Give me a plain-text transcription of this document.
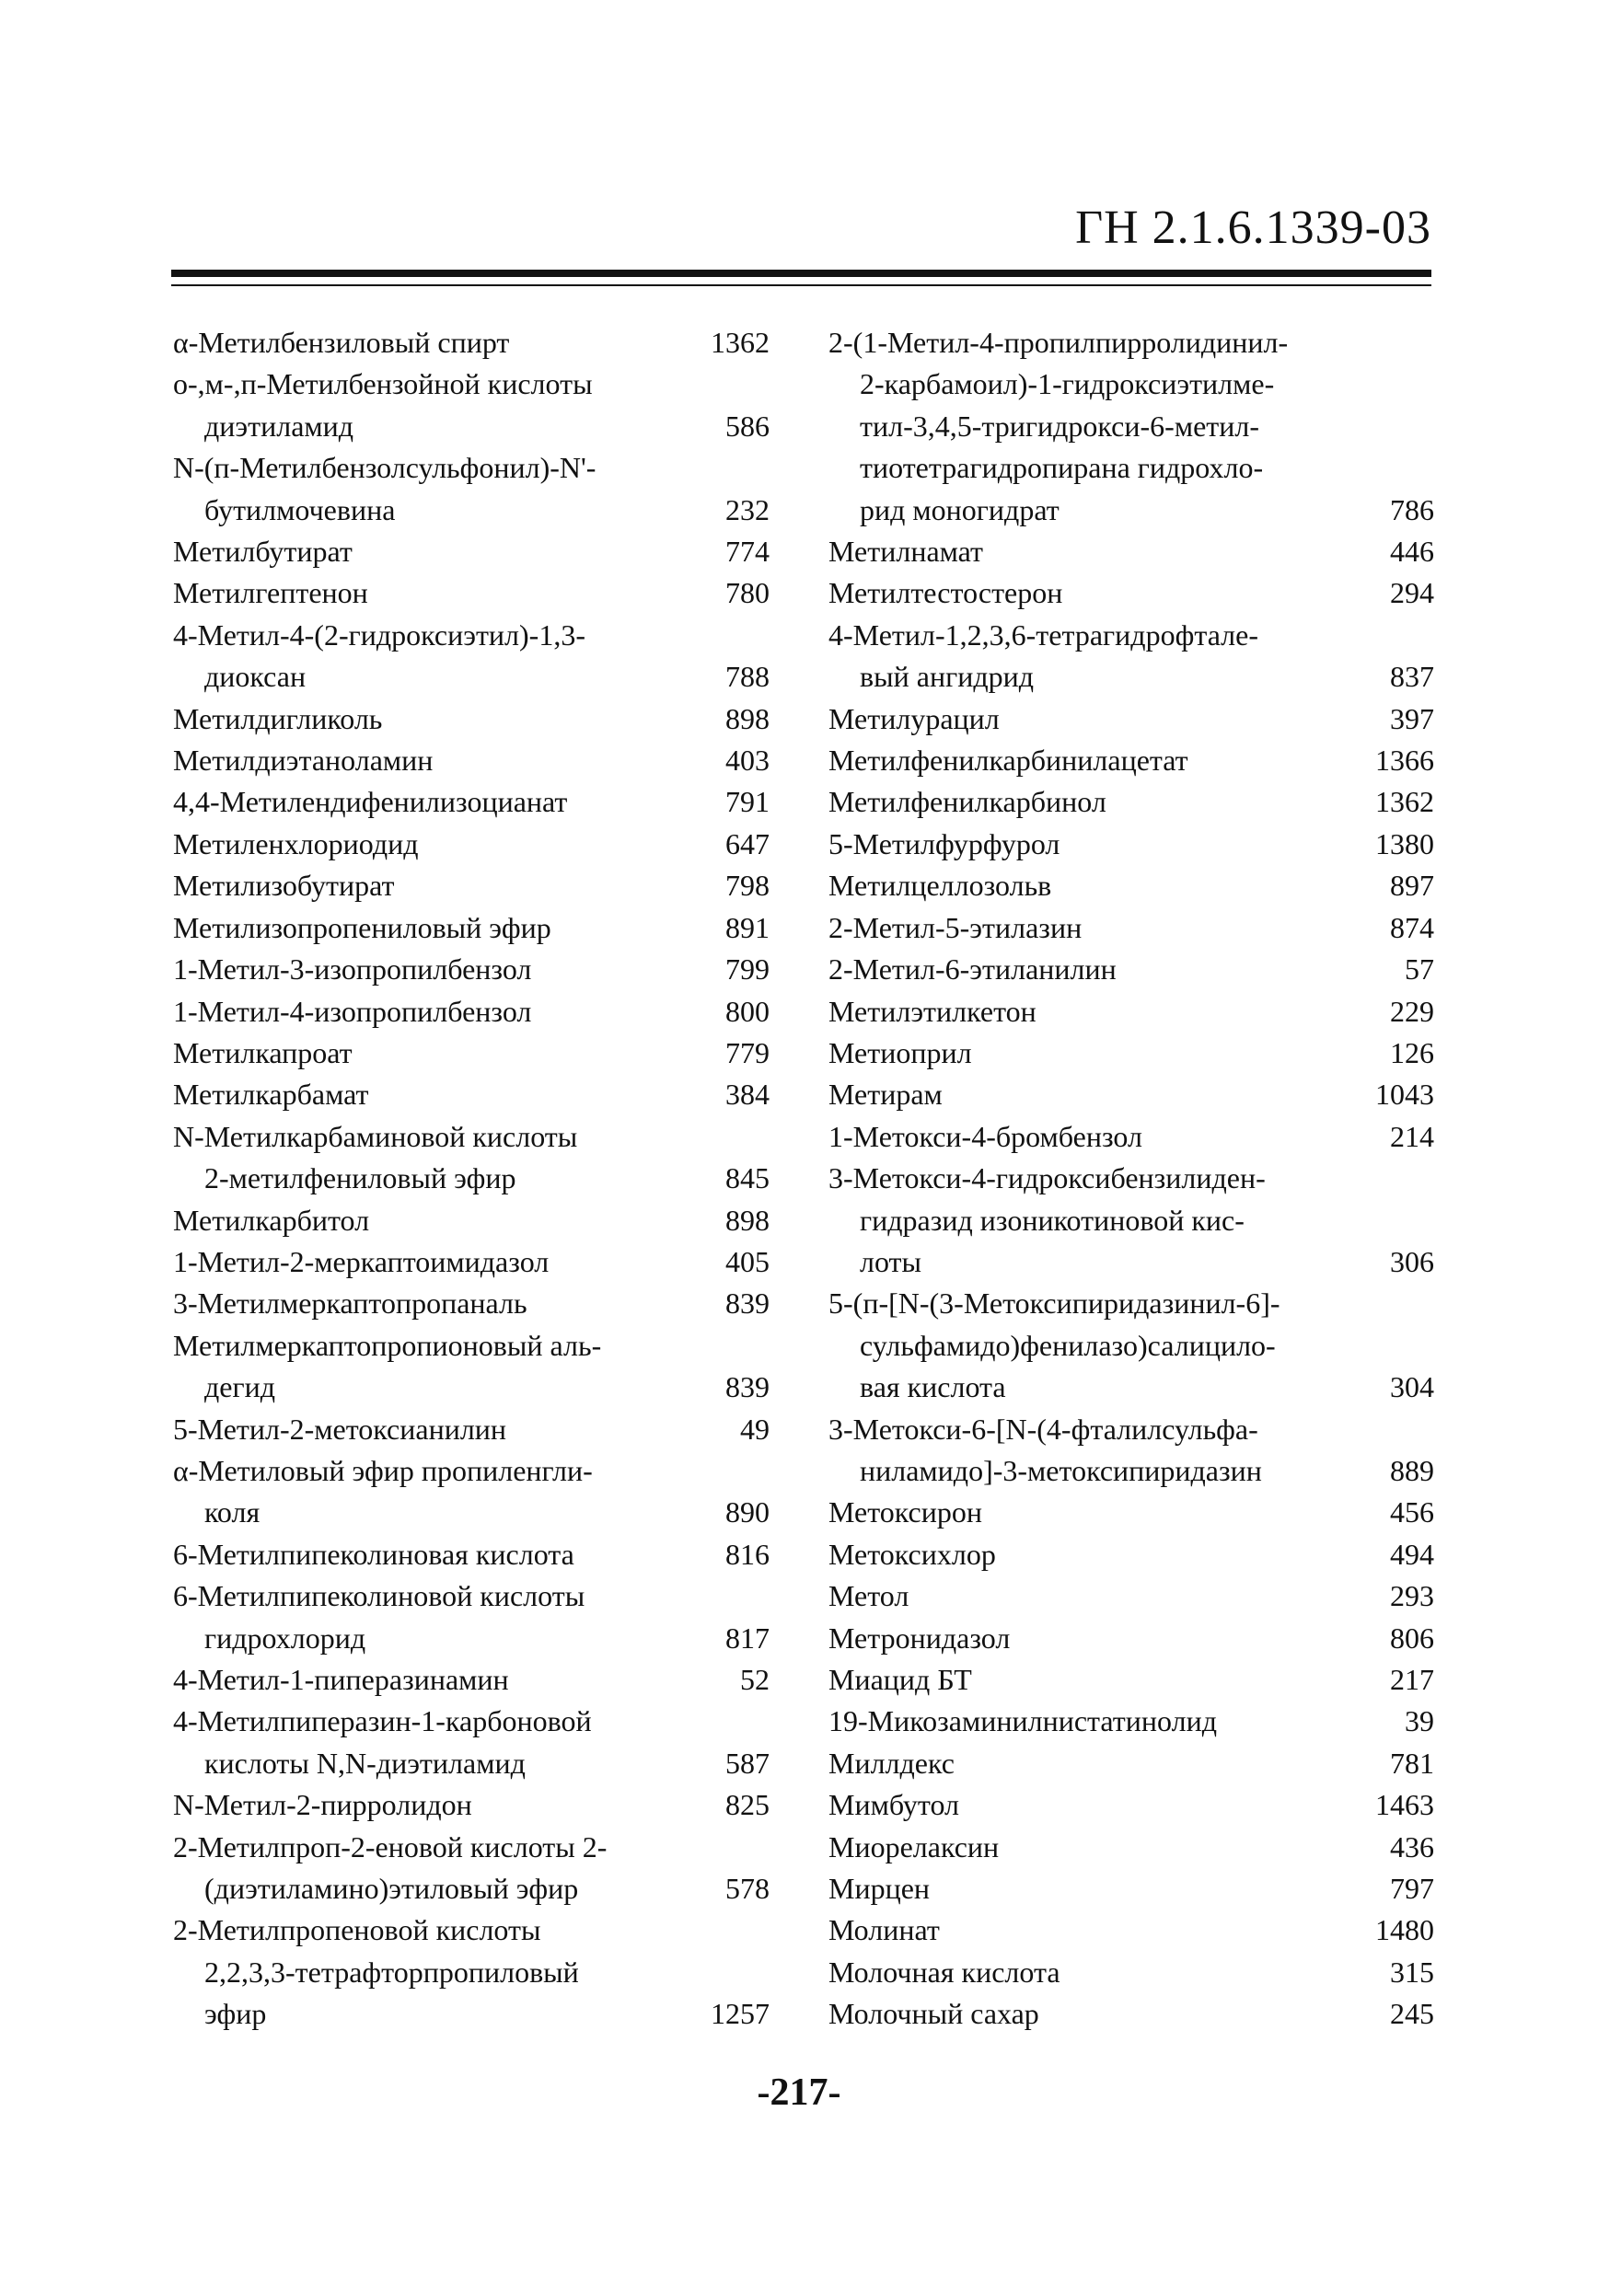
ГН 2.1.6.1339-03
α-Метилбензиловый спирт	1362
о-,м-,п-Метилбензойной кислоты
диэтиламид	586
N-(п-Метилбензолсульфонил)-N'-
бутилмочевина	232
Метилбутират	774
Метилгептенон	780
4-Метил-4-(2-гидроксиэтил)-1,3-
диоксан	788
Метилдигликоль	898
Метилдиэтаноламин	403
4,4-Метилендифенилизоцианат	791
Метиленхлориодид	647
Метилизобутират	798
Метилизопропениловый эфир	891
1-Метил-3-изопропилбензол	799
1-Метил-4-изопропилбензол	800
Метилкапроат	779
Метилкарбамат	384
N-Метилкарбаминовой кислоты
2-метилфениловый эфир	845
Метилкарбитол	898
1-Метил-2-меркаптоимидазол	405
3-Метилмеркаптопропаналь	839
Метилмеркаптопропионовый аль-
дегид	839
5-Метил-2-метоксианилин	49
α-Метиловый эфир пропиленгли-
коля	890
6-Метилпипеколиновая кислота	816
6-Метилпипеколиновой кислоты
гидрохлорид	817
4-Метил-1-пиперазинамин	52
4-Метилпиперазин-1-карбоновой
кислоты N,N-диэтиламид	587
N-Метил-2-пирролидон	825
2-Метилпроп-2-еновой кислоты 2-
(диэтиламино)этиловый эфир	578
2-Метилпропеновой кислоты
2,2,3,3-тетрафторпропиловый
эфир	1257
2-(1-Метил-4-пропилпирролидинил-
2-карбамоил)-1-гидроксиэтилме-
тил-3,4,5-тригидрокси-6-метил-
тиотетрагидропирана гидрохло-
рид моногидрат	786
Метилнамат	446
Метилтестостерон	294
4-Метил-1,2,3,6-тетрагидрофтале-
вый ангидрид	837
Метилурацил	397
Метилфенилкарбинилацетат	1366
Метилфенилкарбинол	1362
5-Метилфурфурол	1380
Метилцеллозольв	897
2-Метил-5-этилазин	874
2-Метил-6-этиланилин	57
Метилэтилкетон	229
Метиоприл	126
Метирам	1043
1-Метокси-4-бромбензол	214
3-Метокси-4-гидроксибензилиден-
гидразид изоникотиновой кис-
лоты	306
5-(п-[N-(3-Метоксипиридазинил-6]-
сульфамидо)фенилазо)салицило-
вая кислота	304
3-Метокси-6-[N-(4-фталилсульфа-
ниламидо]-3-метоксипиридазин	889
Метоксирон	456
Метоксихлор	494
Метол	293
Метронидазол	806
Миацид БТ	217
19-Микозаминилнистатинолид	39
Миллдекс	781
Мимбутол	1463
Миорелаксин	436
Мирцен	797
Молинат	1480
Молочная кислота	315
Молочный сахар	245
-217-
